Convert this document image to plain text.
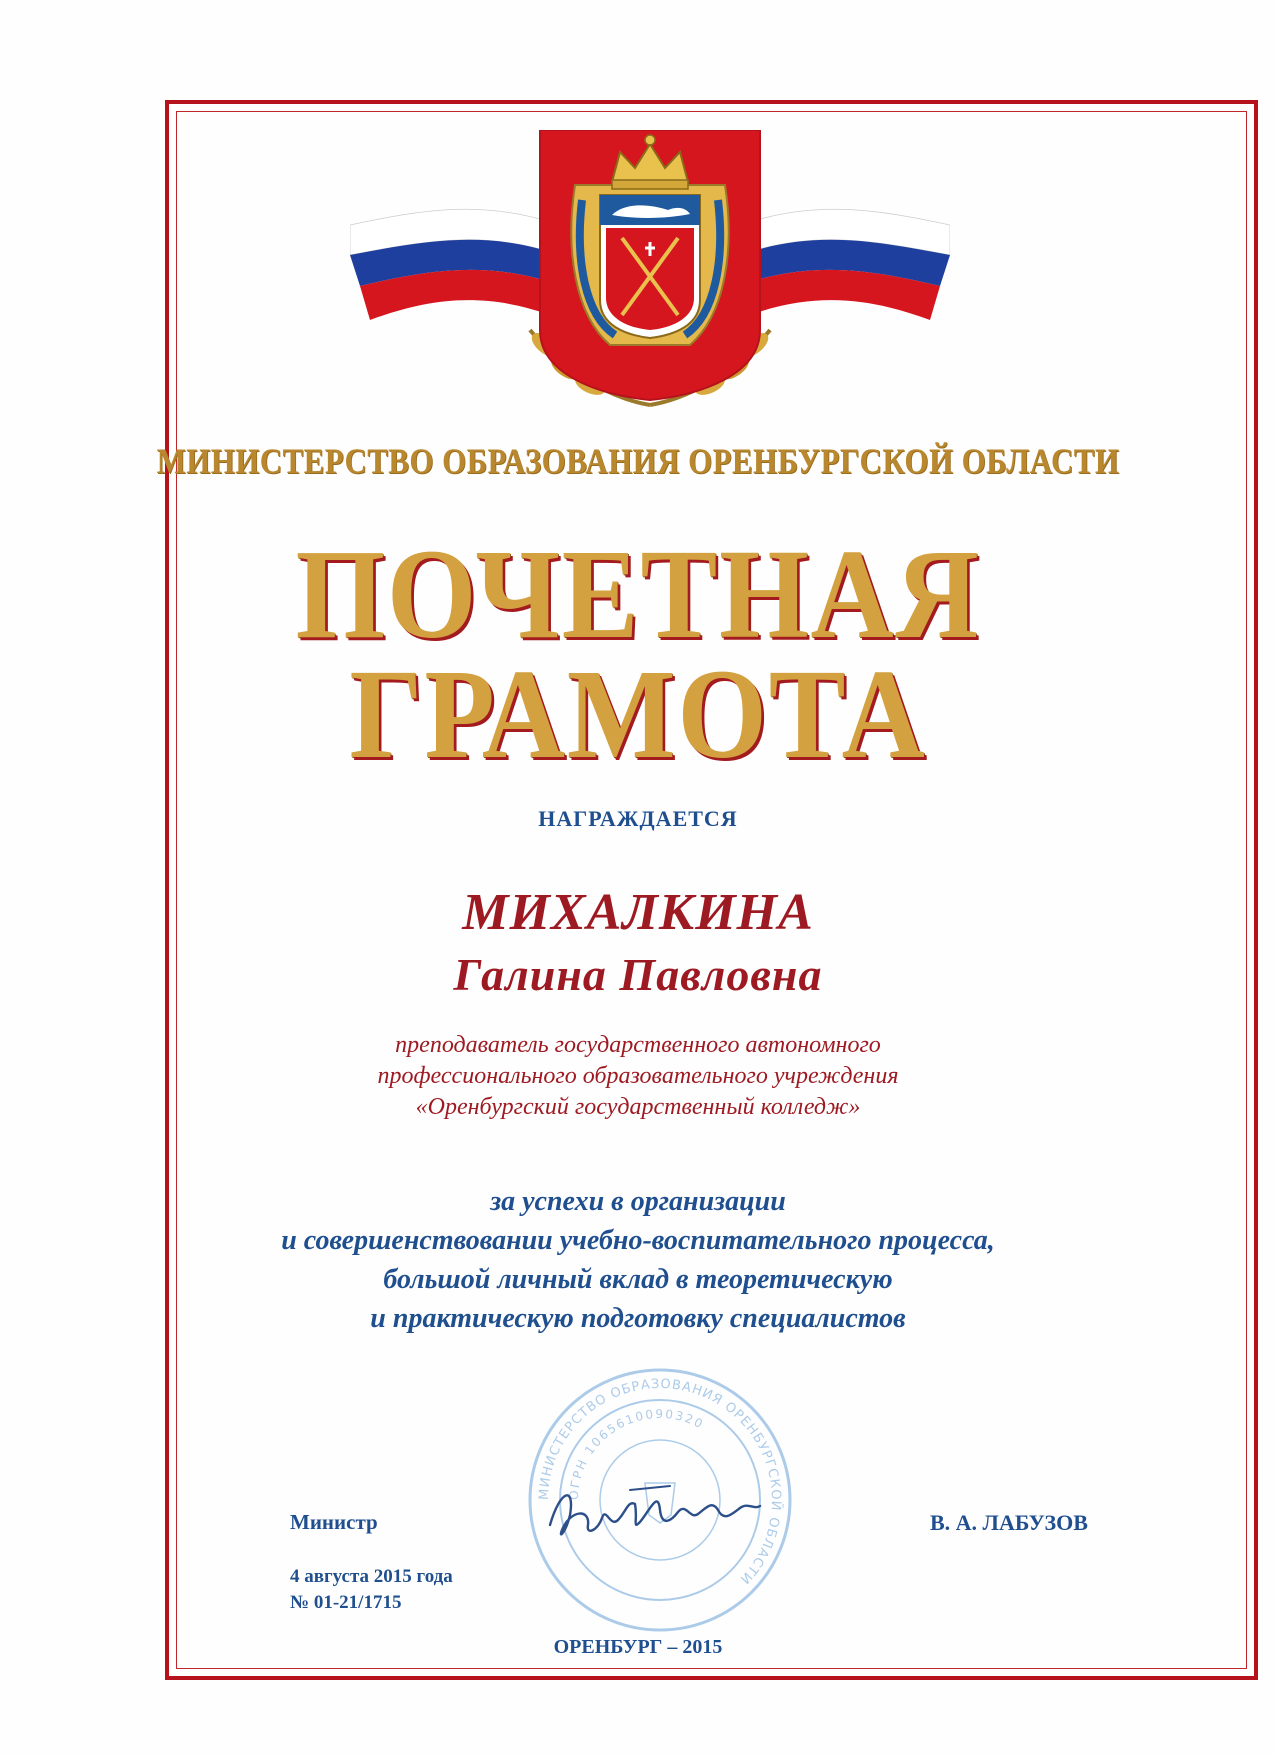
МИНИСТЕРСТВО ОБРАЗОВАНИЯ ОРЕНБУРГСКОЙ ОБЛАСТИ
ПОЧЕТНАЯ
ГРАМОТА
НАГРАЖДАЕТСЯ
МИХАЛКИНА
Галина Павловна
преподаватель государственного автономного
профессионального образовательного учреждения
«Оренбургский государственный колледж»
за успехи в организации
и совершенствовании учебно-воспитательного процесса,
большой личный вклад в теоретическую
и практическую подготовку специалистов
МИНИСТЕРСТВО ОБРАЗОВАНИЯ ОРЕНБУРГСКОЙ ОБЛАСТИ
ОГРН 1065610090320
Министр	В. А. ЛАБУЗОВ
4 августа 2015 года
№ 01-21/1715
ОРЕНБУРГ – 2015
